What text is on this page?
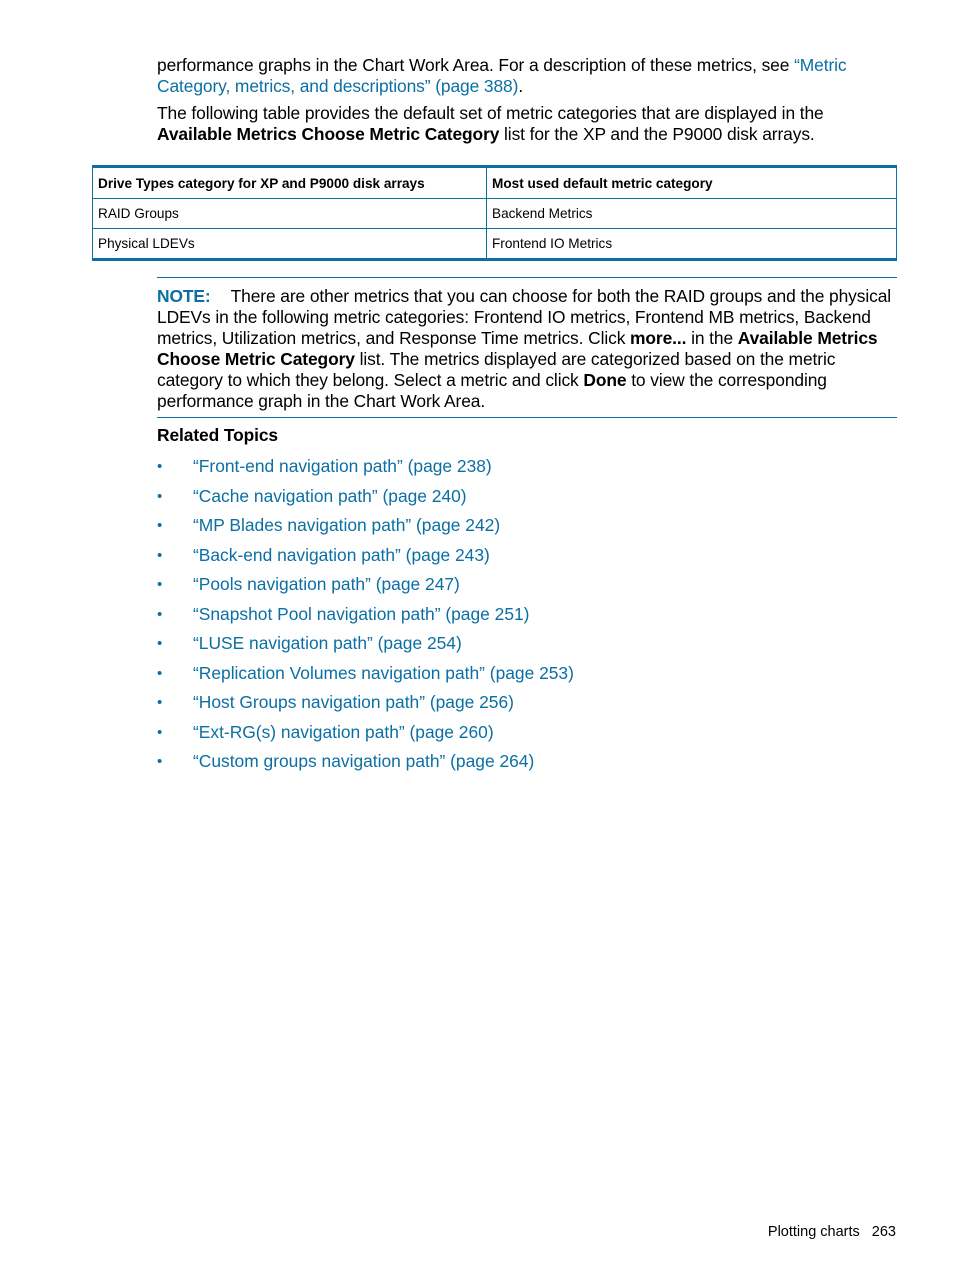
performance graphs in the Chart Work Area. For a description of these metrics, see “Metric Category, metrics, and descriptions” (page 388).
The following table provides the default set of metric categories that are displayed in the Available Metrics Choose Metric Category list for the XP and the P9000 disk arrays.
Drive Types category for XP and P9000 disk arrays	Most used default metric category
RAID Groups	Backend Metrics
Physical LDEVs	Frontend IO Metrics
NOTE: There are other metrics that you can choose for both the RAID groups and the physical LDEVs in the following metric categories: Frontend IO metrics, Frontend MB metrics, Backend metrics, Utilization metrics, and Response Time metrics. Click more... in the Available Metrics Choose Metric Category list. The metrics displayed are categorized based on the metric category to which they belong. Select a metric and click Done to view the corresponding performance graph in the Chart Work Area.
Related Topics
• “Front-end navigation path” (page 238)
• “Cache navigation path” (page 240)
• “MP Blades navigation path” (page 242)
• “Back-end navigation path” (page 243)
• “Pools navigation path” (page 247)
• “Snapshot Pool navigation path” (page 251)
• “LUSE navigation path” (page 254)
• “Replication Volumes navigation path” (page 253)
• “Host Groups navigation path” (page 256)
• “Ext-RG(s) navigation path” (page 260)
• “Custom groups navigation path” (page 264)
Plotting charts 263
